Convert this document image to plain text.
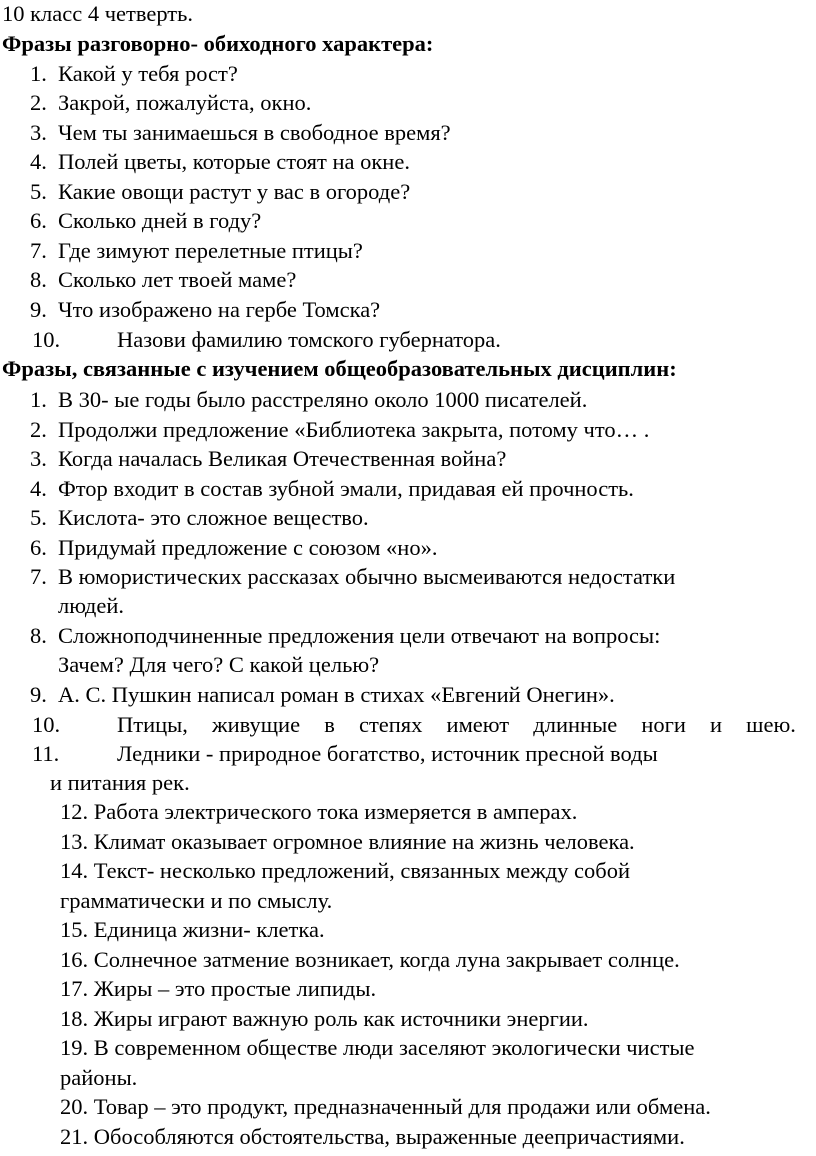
10 класс 4 четверть.
Фразы разговорно- обиходного характера:
1. Какой у тебя рост?
2. Закрой, пожалуйста, окно.
3. Чем ты занимаешься в свободное время?
4. Полей цветы, которые стоят на окне.
5. Какие овощи растут у вас в огороде?
6. Сколько дней в году?
7. Где зимуют перелетные птицы?
8. Сколько лет твоей маме?
9. Что изображено на гербе Томска?
10.	Назови фамилию томского губернатора.
Фразы, связанные с изучением общеобразовательных дисциплин:
1. В 30- ые годы было расстреляно около 1000 писателей.
2. Продолжи предложение «Библиотека закрыта, потому что… .
3. Когда началась Великая Отечественная война?
4. Фтор входит в состав зубной эмали, придавая ей прочность.
5. Кислота- это сложное вещество.
6. Придумай предложение с союзом «но».
7. В юмористических рассказах обычно высмеиваются недостатки
людей.
8. Сложноподчиненные предложения цели отвечают на вопросы:
Зачем? Для чего? С какой целью?
9. А. С. Пушкин написал роман в стихах «Евгений Онегин».
10.	Птицы, живущие в степях имеют длинные ноги и шею.
11.	Ледники - природное богатство, источник пресной воды
и питания рек.
12. Работа электрического тока измеряется в амперах.
13. Климат оказывает огромное влияние на жизнь человека.
14. Текст- несколько предложений, связанных между собой
грамматически и по смыслу.
15. Единица жизни- клетка.
16. Солнечное затмение возникает, когда луна закрывает солнце.
17. Жиры – это простые липиды.
18. Жиры играют важную роль как источники энергии.
19. В современном обществе люди заселяют экологически чистые
районы.
20. Товар – это продукт, предназначенный для продажи или обмена.
21. Обособляются обстоятельства, выраженные деепричастиями.
